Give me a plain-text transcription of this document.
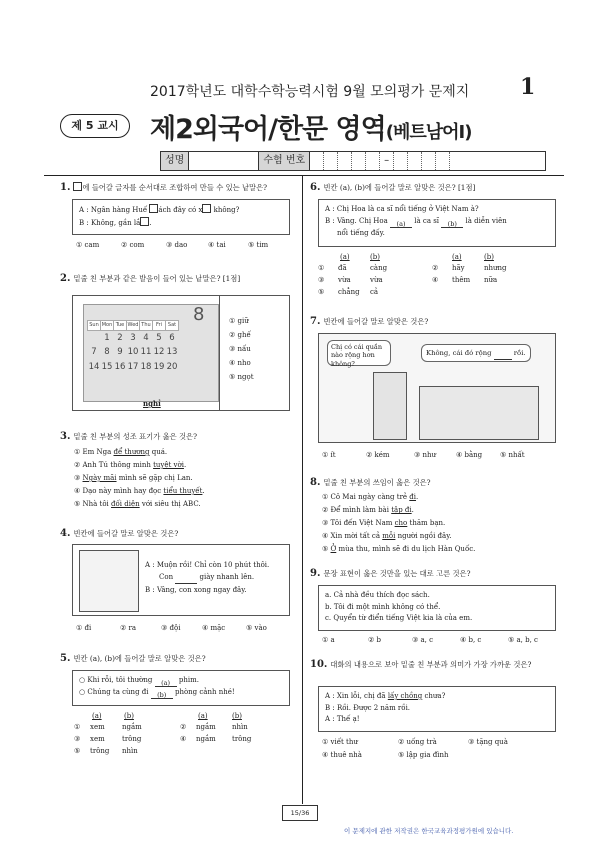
2017학년도 대학수학능력시험 9월 모의평가 문제지 1
제 5 교시	제2외국어/한문 영역(베트남어Ⅰ)
성명	수험 번호	–
1. 에 들어갈 글자를 순서대로 조합하여 만들 수 있는 낱말은?
A : Ngân hàng Huế ách đây có x không?
B : Không, gần lắ .
① cam	② com	③ dao	④ tai	⑤ tim
2. 밑줄 친 부분과 같은 발음이 들어 있는 낱말은? [1점]
8
Sun	Mon	Tue	Wed	Thu	Fri	Sat
	1	2	3	4	5	6
7	8	9	10	11	12	13
14	15	16	17	18	19	20
nghỉ
① giữ
② ghế
③ nấu
④ nho
⑤ ngọt
3. 밑줄 친 부분의 성조 표기가 옳은 것은?
① Em Nga để thương quá.
② Anh Tú thông minh tuyệt vời.
③ Ngày mãi mình sẽ gặp chị Lan.
④ Dạo này mình hay đọc tiểu thuyết.
⑤ Nhà tôi đối diện với siêu thị ABC.
4. 빈칸에 들어갈 말로 알맞은 것은?
A : Muộn rồi! Chỉ còn 10 phút thôi.
Con	giày nhanh lên.
B : Vâng, con xong ngay đây.
① đi	② ra	③ đội	④ mặc	⑤ vào
5. 빈칸 (a), (b)에 들어갈 말로 알맞은 것은?
○ Khi rỗi, tôi thường (a) phim.
○ Chúng ta cùng đi (b) phòng cảnh nhé!
(a)	(b)	(a)	(b)
① xem ngắm	② ngắm nhìn
③ xem trông	④ ngắm trông
⑤ trông nhìn
6. 빈칸 (a), (b)에 들어갈 말로 알맞은 것은? [1점]
A : Chị Hoa là ca sĩ nổi tiếng ở Việt Nam à?
B : Vâng. Chị Hoa (a) là ca sĩ (b) là diễn viên
nổi tiếng đấy.
(a)	(b)	(a)	(b)
① đã	càng	② hãy	nhưng
③ vừa	vừa	④ thêm nữa
⑤ chẳng cả
7. 빈칸에 들어갈 말로 알맞은 것은?
Chị có cái quần nào rộng hơn không?
Không, cái đó rộng	rồi.
① ít	② kém	③ như	④ bằng	⑤ nhất
8. 밑줄 친 부분의 쓰임이 옳은 것은?
① Cô Mai ngày càng trẻ đi.
② Để mình làm bài tập đi.
③ Tôi đến Việt Nam cho thăm bạn.
④ Xin mời tất cả mỗi người ngồi đây.
⑤ Ở mùa thu, mình sẽ đi du lịch Hàn Quốc.
9. 문장 표현이 옳은 것만을 있는 대로 고른 것은?
a. Cả nhà đều thích đọc sách.
b. Tôi đi một mình không có thể.
c. Quyển từ điển tiếng Việt kia là của em.
① a	② b	③ a, c	④ b, c	⑤ a, b, c
10. 대화의 내용으로 보아 밑줄 친 부분과 의미가 가장 가까운 것은?
A : Xin lỗi, chị đã lấy chồng chưa?
B : Rồi. Được 2 năm rồi.
A : Thế ạ!
① viết thư	② uống trà	③ tặng quà
④ thuê nhà	⑤ lập gia đình
15/36
이 문제지에 관한 저작권은 한국교육과정평가원에 있습니다.
